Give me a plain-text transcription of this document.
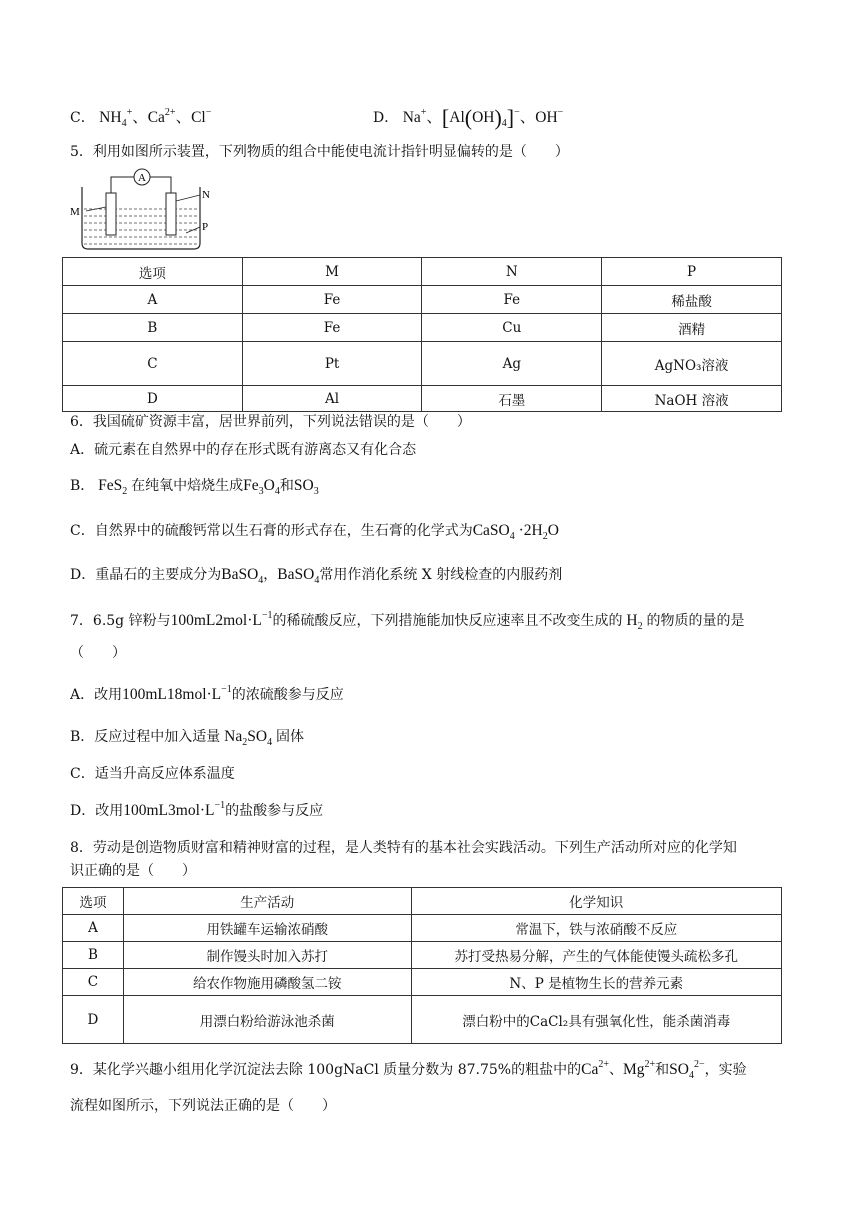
C． $NH_4^+$、$Ca^{2+}$、Cl−	D． Na+、$[Al(OH)_4]^-$、OH−
5．利用如图所示装置，下列物质的组合中能使电流计指针明显偏转的是（　　）
A
M
N
P
选项	M	N	P
A	Fe	Fe	稀盐酸
B	Fe	Cu	酒精
C	Pt	Ag	AgNO₃溶液
D	Al	石墨	NaOH 溶液
6．我国硫矿资源丰富，居世界前列，下列说法错误的是（　　）
A．硫元素在自然界中的存在形式既有游离态又有化合态
B． FeS$_2$ 在纯氧中焙烧生成$Fe_3O_4$和$SO_3$
C．自然界中的硫酸钙常以生石膏的形式存在，生石膏的化学式为CaSO$_4$ $\cdot 2H_2O$
D．重晶石的主要成分为BaSO$_4$，BaSO$_4$常用作消化系统 X 射线检查的内服药剂
7．6.5g 锌粉与$100mL2mol\cdot L^{-1}$的稀硫酸反应，下列措施能加快反应速率且不改变生成的 $H_2$ 的物质的量的是
（　　）
A．改用$100mL18mol\cdot L^{-1}$的浓硫酸参与反应
B．反应过程中加入适量 $Na_2SO_4$ 固体
C．适当升高反应体系温度
D．改用$100mL3mol\cdot L^{-1}$的盐酸参与反应
8．劳动是创造物质财富和精神财富的过程，是人类特有的基本社会实践活动。下列生产活动所对应的化学知
识正确的是（　　）
选项	生产活动	化学知识
A	用铁罐车运输浓硝酸	常温下，铁与浓硝酸不反应
B	制作馒头时加入苏打	苏打受热易分解，产生的气体能使馒头疏松多孔
C	给农作物施用磷酸氢二铵	N、P 是植物生长的营养元素
D	用漂白粉给游泳池杀菌	漂白粉中的CaCl₂具有强氧化性，能杀菌消毒
9．某化学兴趣小组用化学沉淀法去除 100gNaCl 质量分数为 87.75%的粗盐中的$Ca^{2+}$、$Mg^{2+}$和$SO_4^{2-}$，实验
流程如图所示，下列说法正确的是（　　）
